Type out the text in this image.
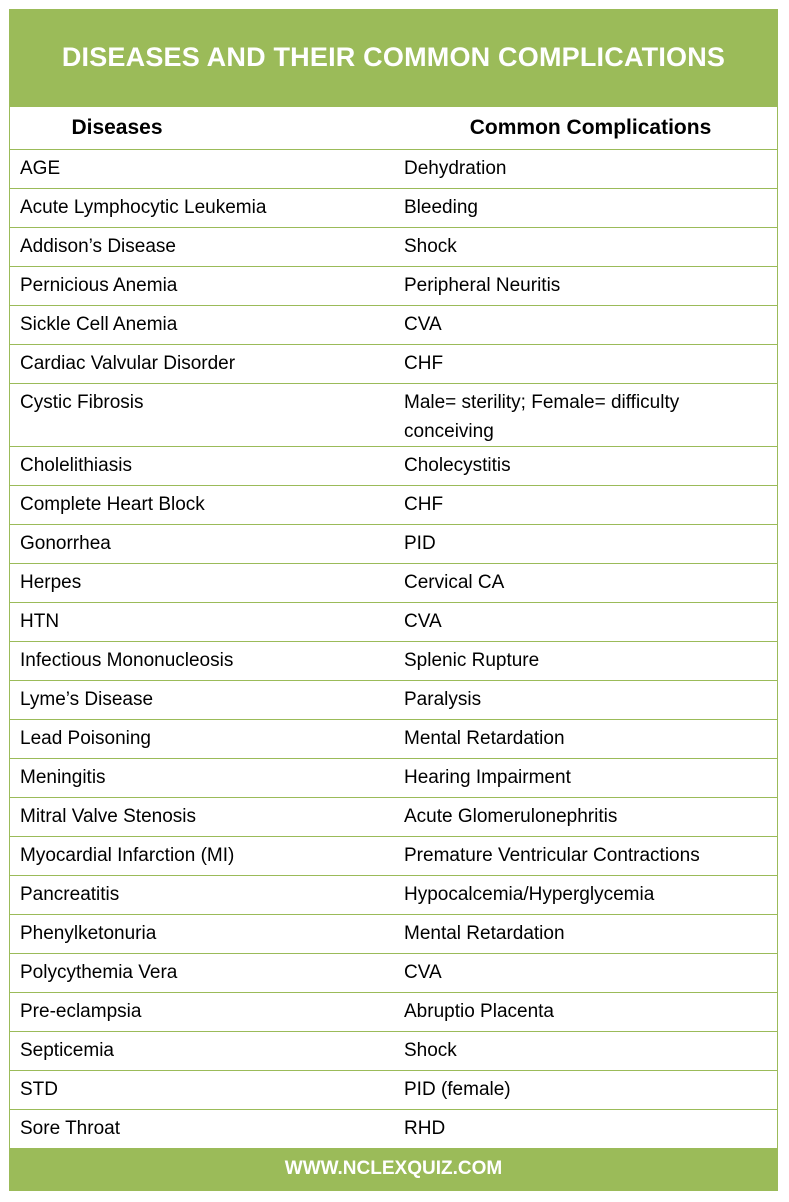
DISEASES AND THEIR COMMON COMPLICATIONS
Diseases	Common Complications
AGE	Dehydration
Acute Lymphocytic Leukemia	Bleeding
Addison’s Disease	Shock
Pernicious Anemia	Peripheral Neuritis
Sickle Cell Anemia	CVA
Cardiac Valvular Disorder	CHF
Cystic Fibrosis	Male= sterility; Female= difficulty conceiving
Cholelithiasis	Cholecystitis
Complete Heart Block	CHF
Gonorrhea	PID
Herpes	Cervical CA
HTN	CVA
Infectious Mononucleosis	Splenic Rupture
Lyme’s Disease	Paralysis
Lead Poisoning	Mental Retardation
Meningitis	Hearing Impairment
Mitral Valve Stenosis	Acute Glomerulonephritis
Myocardial Infarction (MI)	Premature Ventricular Contractions
Pancreatitis	Hypocalcemia/Hyperglycemia
Phenylketonuria	Mental Retardation
Polycythemia Vera	CVA
Pre-eclampsia	Abruptio Placenta
Septicemia	Shock
STD	PID (female)
Sore Throat	RHD
WWW.NCLEXQUIZ.COM
